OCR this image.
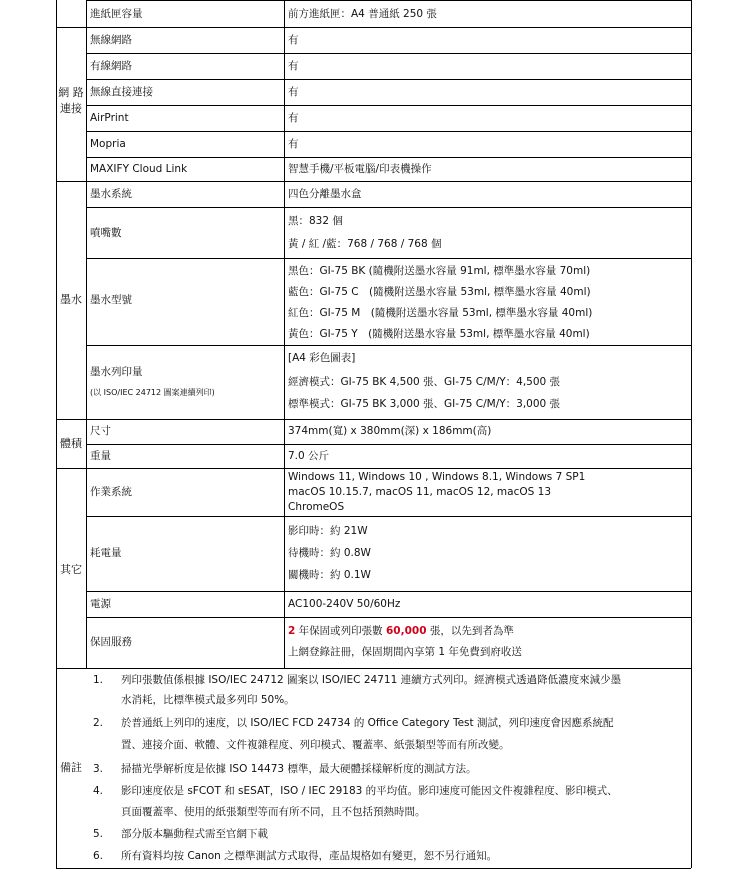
網 路
連接
墨水
體積
其它
備註
進紙匣容量
無線網路
有線網路
無線直接連接
AirPrint
Mopria
MAXIFY Cloud Link
墨水系統
噴嘴數
墨水型號
墨水列印量
(以 ISO/IEC 24712 圖案連續列印)
尺寸
重量
作業系統
耗電量
電源
保固服務
前方進紙匣：A4 普通紙 250 張
有
有
有
有
有
智慧手機/平板電腦/印表機操作
四色分離墨水盒
黑：832 個
黃 / 紅 /藍：768 / 768 / 768 個
黑色：GI-75 BK (隨機附送墨水容量 91ml, 標準墨水容量 70ml)
藍色：GI-75 C　(隨機附送墨水容量 53ml, 標準墨水容量 40ml)
紅色：GI-75 M　(隨機附送墨水容量 53ml, 標準墨水容量 40ml)
黃色：GI-75 Y　(隨機附送墨水容量 53ml, 標準墨水容量 40ml)
[A4 彩色圖表]
經濟模式：GI-75 BK 4,500 張、GI-75 C/M/Y：4,500 張
標準模式：GI-75 BK 3,000 張、GI-75 C/M/Y：3,000 張
374mm(寬) x 380mm(深) x 186mm(高)
7.0 公斤
Windows 11, Windows 10 , Windows 8.1, Windows 7 SP1
macOS 10.15.7, macOS 11, macOS 12, macOS 13
ChromeOS
影印時：約 21W
待機時：約 0.8W
關機時：約 0.1W
AC100-240V 50/60Hz
2 年保固或列印張數 60,000 張，以先到者為準
上網登錄註冊，保固期間內享第 1 年免費到府收送
1. 列印張數值係根據 ISO/IEC 24712 圖案以 ISO/IEC 24711 連續方式列印。經濟模式透過降低濃度來減少墨
水消耗，比標準模式最多列印 50%。
2. 於普通紙上列印的速度，以 ISO/IEC FCD 24734 的 Office Category Test 測試，列印速度會因應系統配
置、連接介面、軟體、文件複雜程度、列印模式、覆蓋率、紙張類型等而有所改變。
3. 掃描光學解析度是依據 ISO 14473 標準，最大硬體採樣解析度的測試方法。
4. 影印速度依是 sFCOT 和 sESAT，ISO / IEC 29183 的平均值。影印速度可能因文件複雜程度、影印模式、
頁面覆蓋率、使用的紙張類型等而有所不同，且不包括預熱時間。
5. 部分版本驅動程式需至官網下載
6. 所有資料均按 Canon 之標準測試方式取得，產品規格如有變更，恕不另行通知。
